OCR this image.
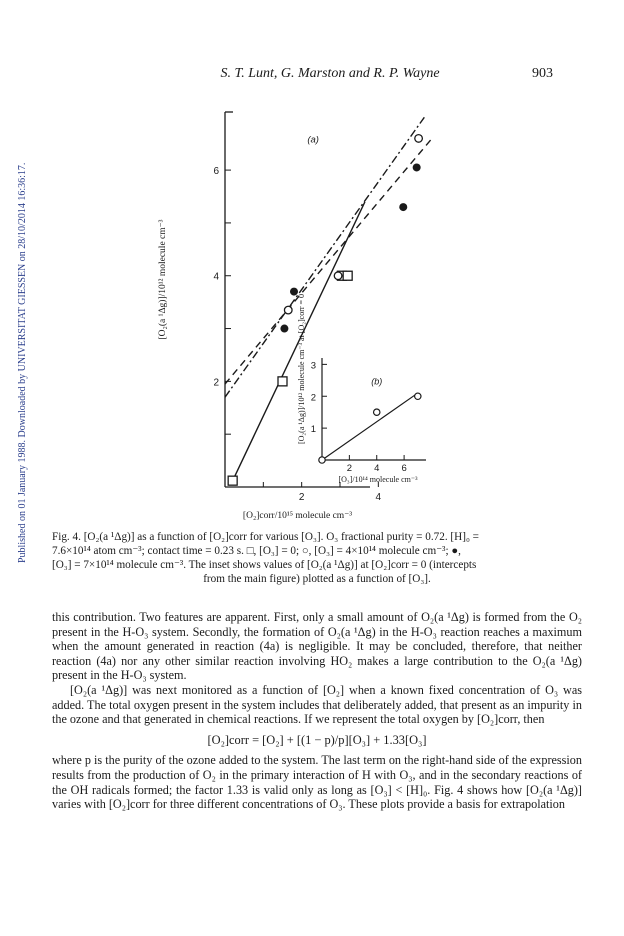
Published on 01 January 1988. Downloaded by UNIVERSITAT GIESSEN on 28/10/2014 16:36:17.
S. T. Lunt, G. Marston and R. P. Wayne	903
2
4
6
2	4
[O₂]corr/10¹⁵ molecule cm⁻³
[O₂(a ¹Δg)]/10¹² molecule cm⁻³
(a)
1
2
3
2 4 6
[O₃]/10¹⁴ molecule cm⁻³
[O₂(a ¹Δg)]/10¹² molecule cm⁻³ at [O₂]corr = 0	(b)
Fig. 4. [O₂(a ¹Δg)] as a function of [O₂]corr for various [O₃]. O₃ fractional purity = 0.72. [H]₀ =
7.6×10¹⁴ atom cm⁻³; contact time = 0.23 s. □, [O₃] = 0; ○, [O₃] = 4×10¹⁴ molecule cm⁻³; ●,
[O₃] = 7×10¹⁴ molecule cm⁻³. The inset shows values of [O₂(a ¹Δg)] at [O₂]corr = 0 (intercepts
from the main figure) plotted as a function of [O₃].

this contribution. Two features are apparent. First, only a small amount of O₂(a ¹Δg) is formed from the O₂ present in the H-O₃ system. Secondly, the formation of O₂(a ¹Δg) in the H-O₃ reaction reaches a maximum when the amount generated in reaction (4a) is negligible. It may be concluded, therefore, that neither reaction (4a) nor any other similar reaction involving HO₂ makes a large contribution to the O₂(a ¹Δg) present in the H-O₃ system.

[O₂(a ¹Δg)] was next monitored as a function of [O₂] when a known fixed concentration of O₃ was added. The total oxygen present in the system includes that deliberately added, that present as an impurity in the ozone and that generated in chemical reactions. If we represent the total oxygen by [O₂]corr, then

[O₂]corr = [O₂] + [(1 − p)/p][O₃] + 1.33[O₃]

where p is the purity of the ozone added to the system. The last term on the right-hand side of the expression results from the production of O₂ in the primary interaction of H with O₃, and in the secondary reactions of the OH radicals formed; the factor 1.33 is valid only as long as [O₃] < [H]₀. Fig. 4 shows how [O₂(a ¹Δg)] varies with [O₂]corr for three different concentrations of O₃. These plots provide a basis for extrapolation
